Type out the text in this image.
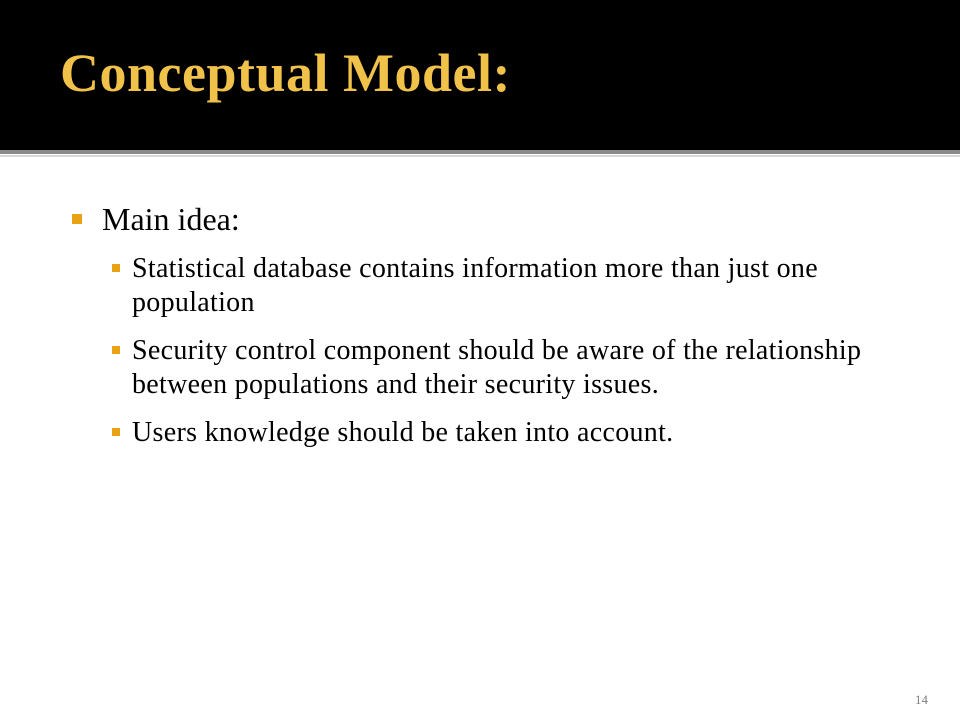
Conceptual Model:
Main idea:
Statistical database contains information more than just one population
Security control component should be aware of the relationship between populations and their security issues.
Users knowledge should be taken into account.
14
